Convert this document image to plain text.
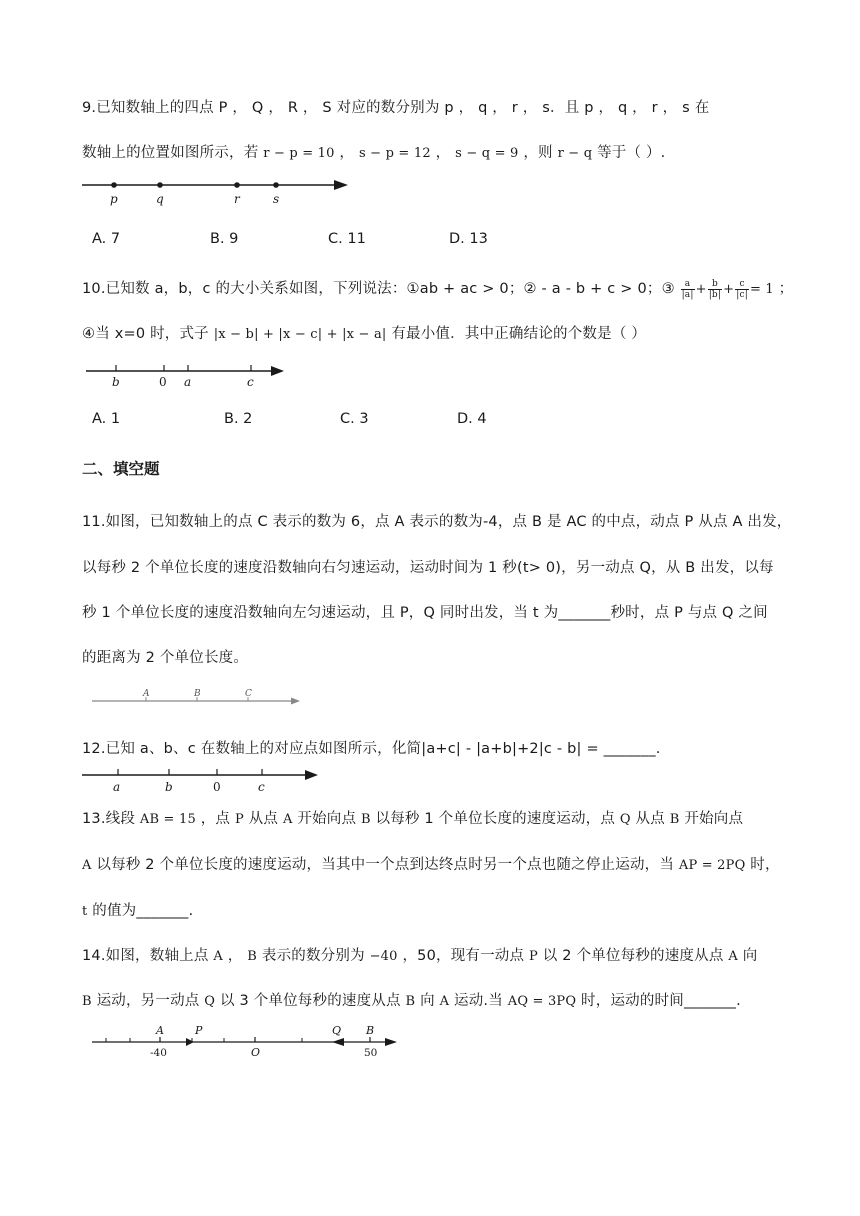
9.已知数轴上的四点 P ， Q ， R ， S 对应的数分别为 p ， q ， r ， s．且 p ， q ， r ， s 在
数轴上的位置如图所示，若 r − p = 10 ， s − p = 12 ， s − q = 9 ，则 r − q 等于（ ）.
p	q	r	s
A. 7	B. 9	C. 11	D. 13
10.已知数 a，b，c 的大小关系如图，下列说法：①ab + ac > 0；② - a - b + c > 0；③ $\frac{a}{|a|} + \frac{b}{|b|} + \frac{c}{|c|} = 1$ ；
④当 x=0 时，式子 |x − b| + |x − c| + |x − a| 有最小值．其中正确结论的个数是（ ）
b	0 a	c
A. 1	B. 2	C. 3	D. 4
二、填空题
11.如图，已知数轴上的点 C 表示的数为 6，点 A 表示的数为-4，点 B 是 AC 的中点，动点 P 从点 A 出发，
以每秒 2 个单位长度的速度沿数轴向右匀速运动，运动时间为 1 秒(t> 0)，另一动点 Q，从 B 出发，以每
秒 1 个单位长度的速度沿数轴向左匀速运动，且 P，Q 同时出发，当 t 为_______秒时，点 P 与点 Q 之间
的距离为 2 个单位长度。
A	B	C
12.已知 a、b、c 在数轴上的对应点如图所示，化简|a+c| - |a+b|+2|c - b| = _______.
a	b	0	c
13.线段 AB = 15 ，点 P 从点 A 开始向点 B 以每秒 1 个单位长度的速度运动，点 Q 从点 B 开始向点
A 以每秒 2 个单位长度的速度运动，当其中一个点到达终点时另一个点也随之停止运动，当 AP = 2PQ 时，
t 的值为_______.
14.如图，数轴上点 A ， B 表示的数分别为 −40 ，50，现有一动点 P 以 2 个单位每秒的速度从点 A 向
B 运动，另一动点 Q 以 3 个单位每秒的速度从点 B 向 A 运动.当 AQ = 3PQ 时，运动的时间_______.
A	P	Q B
-40	O	50
